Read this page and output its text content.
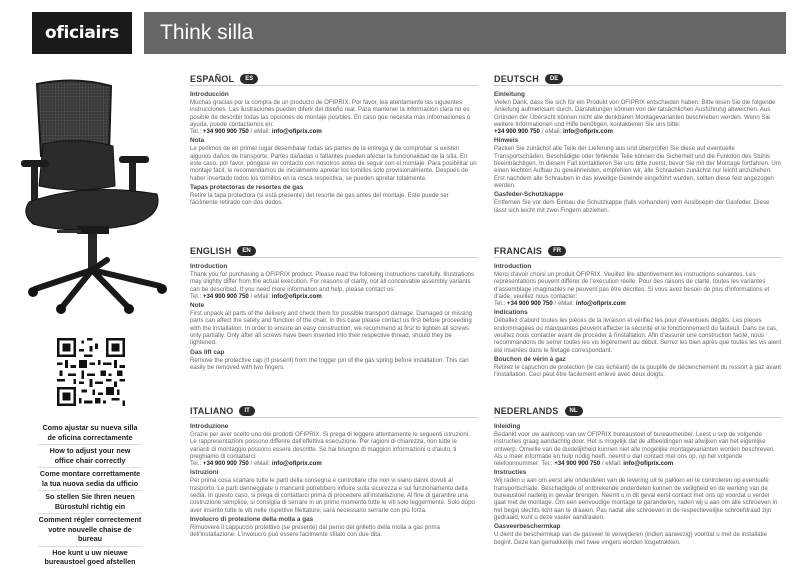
oficiairs	Think silla
Como ajustar su nueva silla
de oficina correctamente
How to adjust your new
office chair correctly
Come montare correttamente
la tua nuova sedia da ufficio
So stellen Sie Ihren neuen
Bürostuhl richtig ein
Comment régler correctement
votre nouvelle chaise de bureau
Hoe kunt u uw nieuwe
bureaustoel goed afstellen
ESPAÑOL	ES
Introducción
Muchas gracias por la compra de un producto de OFIPRIX. Por favor, lea atentamente las siguientes instrucciones. Las ilustraciones pueden diferir del diseño real. Para mantener la información clara no es posible de describir todas las opciones de montaje posibles. En caso que necesita más informaciones o ayuda, puede contactarnos en:
Tel.: +34 900 900 750 / eMail: info@ofiprix.com
Nota
Le pedimos de en primer lugar desembalar todas las partes de la entrega y de comprobar si existen algunos daños de transporte. Partes dañadas o faltantes pueden afectar la funcionalidad de la silla. En este caso, por favor, póngase en contacto con nosotros antes de seguir con el montaje. Para posibilitar un montaje fácil, le recomendamos de inicialmente apretar los tornillos solo provisionalmente. Después de haber insertado todos los tornillos en la rosca respectiva, se pueden apretar totalmente.
Tapas protectoras de resortes de gas
Retire la tapa protectora (si está presente) del resorte de gas antes del montaje. Este puede ser fácilmente retirado con dos dedos.
ENGLISH	EN
Introduction
Thank you for purchasing a OFIPRIX product. Please read the following instructions carefully. Illustrations may slightly differ from the actual execution. For reasons of clarity, not all conceivable assembly variants can be described. If you need more information and help, please contact us:
Tel.: +34 900 900 750 / eMail: info@ofiprix.com
Note
First unpack all parts of the delivery and check them for possible transport damage. Damaged or missing parts can affect the safety and function of the chair. In this case please contact us first before proceeding with the installation. In order to ensure an easy construction, we recommend at first to tighten all screws only partially. Only after all screws have been inserted into their respective thread, should they be tightened.
Gas lift cap
Remove the protective cap (if present) from the trigger pin of the gas spring before installation. This can easily be removed with two fingers.
ITALIANO	IT
Introduzione
Grazie per aver scelto uno dei prodotti OFIPRIX. Si prega di leggere attentamente le seguenti istruzioni. Le rappresentazioni possono differire dall'effettiva esecuzione. Per ragioni di chiarezza, non tutte le varianti di montaggio possono essere descritte. Se hai bisogno di maggiori informazioni o d'aiuto, ti preghiamo di contattarci:
Tel.: +34 900 900 750 / eMail: info@ofiprix.com
Istruzioni
Per prima cosa scartare tutte le parti della consegna e controllare che non vi siano danni dovuti al trasporto. Le parti danneggiate o mancanti potrebbero influire sulla sicurezza e sul funzionamento della sedia. In questo caso, si prega di contattarci prima di procedere all'installazione. Al fine di garantire una costruzione semplice, si consiglia di serrare in un primo momento tutte le viti solo leggermente. Solo dopo aver inserito tutte le viti nelle rispettive filettature, sarà necessario serrarle con più forza.
Involucro di protezione della molla a gas
Rimuovere il cappuccio protettivo (se presente) dal perno del grilletto della molla a gas prima dell'installazione. L'involucro può essere facilmente sfilato con due dita.
DEUTSCH	DE
Einleitung
Vielen Dank, dass Sie sich für ein Produkt von OFIPRIX entschieden haben. Bitte lesen Sie die folgende Anleitung aufmerksam durch. Darstellungen können von der tatsächlichen Ausführung abweichen. Aus Gründen der Übersicht können nicht alle denkbaren Montagevarianten beschrieben werden. Wenn Sie weitere Informationen und Hilfe benötigen, kontaktieren Sie uns bitte:
+34 900 900 750 / eMail: info@ofiprix.com
Hinweis
Packen Sie zunächst alle Teile der Lieferung aus und überprüfen Sie diese auf eventuelle Transportschäden. Beschädigte oder fehlende Teile können die Sicherheit und die Funktion des Stuhls beeinträchtigen. In diesem Fall kontaktieren Sie uns bitte zuerst, bevor Sie mit der Montage fortfahren. Um einen leichten Aufbau zu gewährleisten, empfehlen wir, alle Schrauben zunächst nur leicht anzuziehen. Erst nachdem alle Schrauben in das jeweilige Gewinde eingeführt wurden, sollten diese fest angezogen werden.
Gasfeder-Schutzkappe
Entfernen Sie vor dem Einbau die Schutzkappe (falls vorhanden) vom Auslösepin der Gasfeder. Diese lässt sich leicht mit zwei Fingern abziehen.
FRANCAIS	FR
Introduction
Merci d'avoir choisi un produit OFIPRIX. Veuillez lire attentivement les instructions suivantes. Les représentations peuvent différer de l'exécution réelle. Pour des raisons de clarté, toutes les variantes d'assemblage imaginables ne peuvent pas être décrites. Si vous avez besoin de plus d'informations et d'aide, veuillez nous contacter:
Tel.: +34 900 900 750 / eMail: info@ofiprix.com
Indications
Déballez d'abord toutes les pièces de la livraison et vérifiez les pour d'éventuels dégâts. Les pièces endommagées ou manquantes peuvent affecter la sécurité et le fonctionnement du fauteuil. Dans ce cas, veuillez nous contacter avant de procéder à l'installation. Afin d'assurer une construction facile, nous recommandons de serrer toutes les vis légèrement au début. Serrez les bien après que toutes les vis aient été insérées dans le filetage correspondant.
Bouchon de vérin à gaz
Retirez le capuchon de protection (le cas échéant) de la goupille de déclenchement du ressort à gaz avant l'installation. Ceci peut être facilement enlevé avec deux doigts.
NEDERLANDS	NL
Inleiding
Bedankt voor uw aankoop van uw OFIPRIX bureaustoel of bureaumeubel. Leest u svp de volgende instructies graag aandachtig door. Het is mogelijk dat de afbeeldingen wat afwijken van het eigenlijke ontwerp. Omwille van de duidelijkheid kunnen niet alle mogelijke montagevarianten worden beschreven. Als u meer informatie en hulp nodig heeft, neemt u dan contact met ons op, op het volgende telefoonnummer: Tel.: +34 900 900 750 / eMail: info@ofiprix.com
Instructies
Wij raden u aan om eerst alle onderdelen van de levering uit te pakken en te controleren op eventuele transportschade. Beschadigde of ontbrekende onderdelen kunnen de veiligheid en de werking van de bureaustoel nadelig in gevaar brengen. Neemt u in dit geval eerst contact met ons op voordat u verder gaat met de montage. Om een eenvoudige montage te garanderen, raden wij u aan om alle schroeven in het begin slechts licht aan te draaien. Pas nadat alle schroeven in de respectievelijke schroefdraad zijn gedraaid, kunt u deze vaster aandraaien.
Gasveerbeschermkap
U dient de beschermkap van de gasveer te verwijderen (indien aanwezig) voordat u met de installatie begint. Deze kan gemakkelijk met twee vingers worden losgetrokken.
